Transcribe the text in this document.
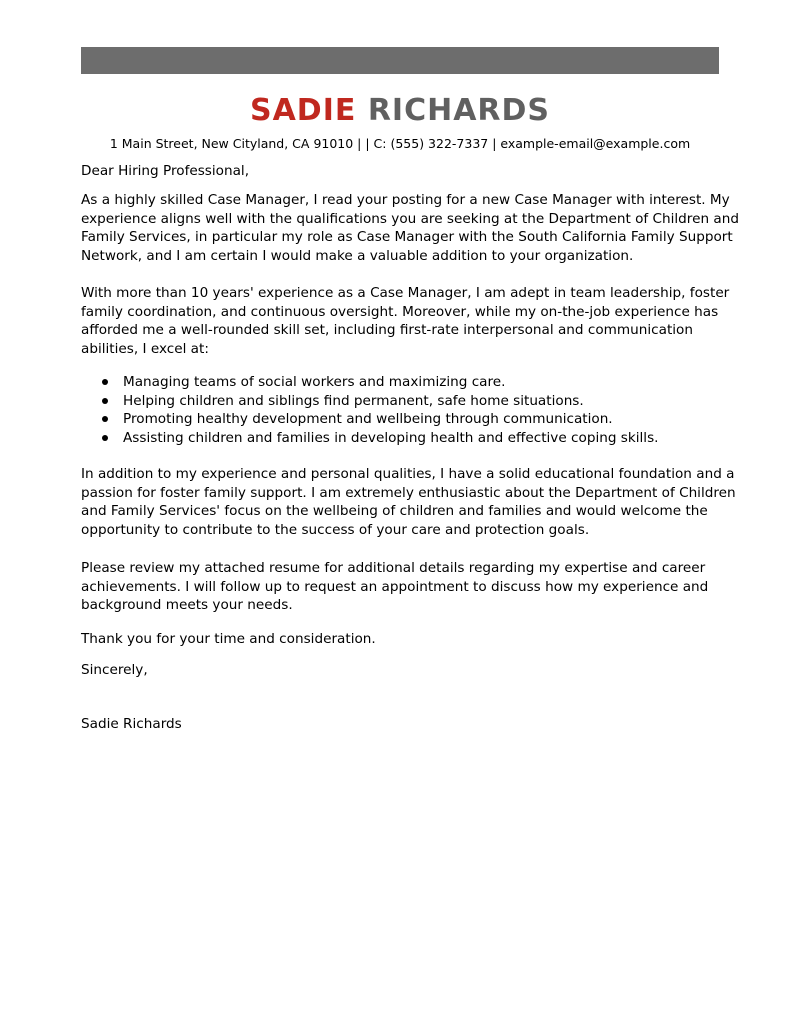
SADIE RICHARDS
1 Main Street, New Cityland, CA 91010 | | C: (555) 322-7337 | example-email@example.com
Dear Hiring Professional,
As a highly skilled Case Manager, I read your posting for a new Case Manager with interest. My
experience aligns well with the qualifications you are seeking at the Department of Children and
Family Services, in particular my role as Case Manager with the South California Family Support
Network, and I am certain I would make a valuable addition to your organization.
With more than 10 years' experience as a Case Manager, I am adept in team leadership, foster
family coordination, and continuous oversight. Moreover, while my on-the-job experience has
afforded me a well-rounded skill set, including first-rate interpersonal and communication
abilities, I excel at:
Managing teams of social workers and maximizing care.
Helping children and siblings find permanent, safe home situations.
Promoting healthy development and wellbeing through communication.
Assisting children and families in developing health and effective coping skills.
In addition to my experience and personal qualities, I have a solid educational foundation and a
passion for foster family support. I am extremely enthusiastic about the Department of Children
and Family Services' focus on the wellbeing of children and families and would welcome the
opportunity to contribute to the success of your care and protection goals.
Please review my attached resume for additional details regarding my expertise and career
achievements. I will follow up to request an appointment to discuss how my experience and
background meets your needs.
Thank you for your time and consideration.
Sincerely,
Sadie Richards
